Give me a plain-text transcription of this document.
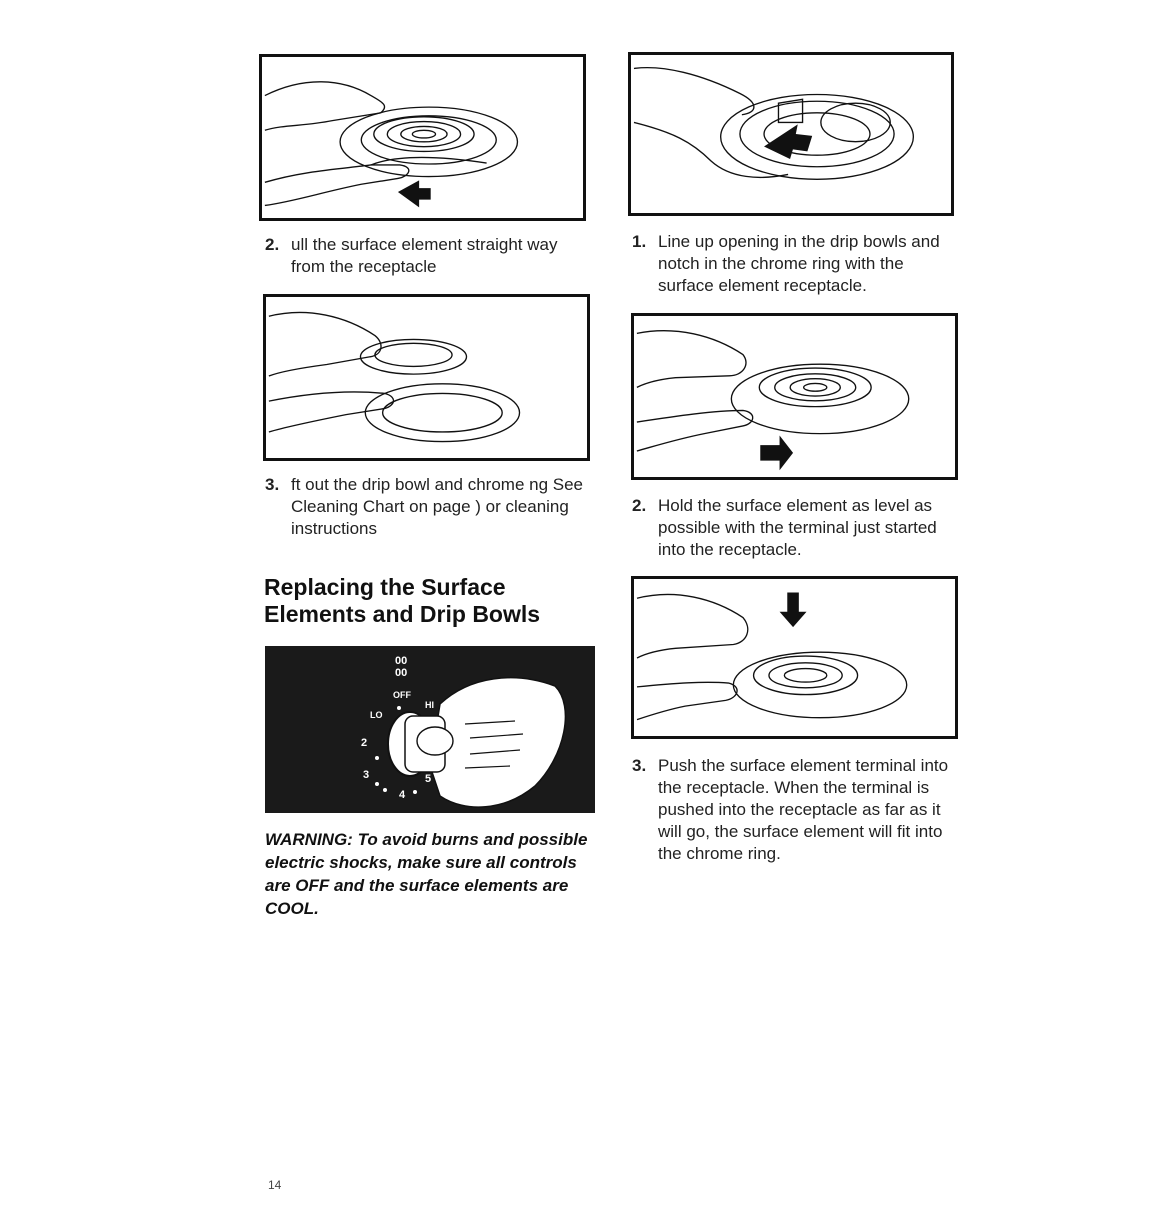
2. ull the surface element straight way from the receptacle
3. ft out the drip bowl and chrome ng See Cleaning Chart on page ) or cleaning instructions
Replacing the Surface
Elements and Drip Bowls
00
00
OFF
LO
HI
2
3
4
5
WARNING: To avoid burns and possible electric shocks, make sure all controls are OFF and the surface elements are COOL.
1. Line up opening in the drip bowls and notch in the chrome ring with the surface element receptacle.
2. Hold the surface element as level as possible with the terminal just started into the receptacle.
3. Push the surface element terminal into the receptacle. When the terminal is pushed into the receptacle as far as it will go, the surface element will fit into the chrome ring.
14
